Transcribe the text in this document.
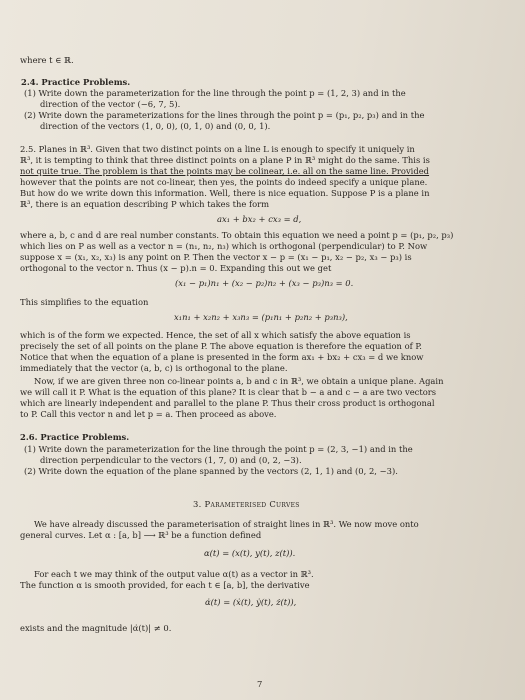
where t ∈ ℝ.
2.4. Practice Problems.
(1) Write down the parameterization for the line through the point p = (1, 2, 3) and in the
direction of the vector (−6, 7, 5).
(2) Write down the parameterizations for the lines through the point p = (p₁, p₂, p₃) and in the
direction of the vectors (1, 0, 0), (0, 1, 0) and (0, 0, 1).
2.5. Planes in ℝ³. Given that two distinct points on a line L is enough to specify it uniquely in
ℝ³, it is tempting to think that three distinct points on a plane P in ℝ³ might do the same. This is
not quite true. The problem is that the points may be colinear, i.e. all on the same line. Provided
however that the points are not co-linear, then yes, the points do indeed specify a unique plane.
But how do we write down this information. Well, there is nice equation. Suppose P is a plane in
ℝ³, there is an equation describing P which takes the form
ax₁ + bx₂ + cx₃ = d,
where a, b, c and d are real number constants. To obtain this equation we need a point p = (p₁, p₂, p₃)
which lies on P as well as a vector n = (n₁, n₂, n₃) which is orthogonal (perpendicular) to P. Now
suppose x = (x₁, x₂, x₃) is any point on P. Then the vector x − p = (x₁ − p₁, x₂ − p₂, x₃ − p₃) is
orthogonal to the vector n. Thus (x − p).n = 0. Expanding this out we get
(x₁ − p₁)n₁ + (x₂ − p₂)n₂ + (x₃ − p₃)n₃ = 0.
This simplifies to the equation
x₁n₁ + x₂n₂ + x₃n₃ = (p₁n₁ + p₂n₂ + p₃n₃),
which is of the form we expected. Hence, the set of all x which satisfy the above equation is
precisely the set of all points on the plane P. The above equation is therefore the equation of P.
Notice that when the equation of a plane is presented in the form ax₁ + bx₂ + cx₃ = d we know
immediately that the vector (a, b, c) is orthogonal to the plane.
Now, if we are given three non co-linear points a, b and c in ℝ³, we obtain a unique plane. Again
we will call it P. What is the equation of this plane? It is clear that b − a and c − a are two vectors
which are linearly independent and parallel to the plane P. Thus their cross product is orthogonal
to P. Call this vector n and let p = a. Then proceed as above.
2.6. Practice Problems.
(1) Write down the parameterization for the line through the point p = (2, 3, −1) and in the
direction perpendicular to the vectors (1, 7, 0) and (0, 2, −3).
(2) Write down the equation of the plane spanned by the vectors (2, 1, 1) and (0, 2, −3).
3. Parameterised Curves
We have already discussed the parameterisation of straight lines in ℝ³. We now move onto
general curves. Let α : [a, b] ⟶ ℝ³ be a function defined
α(t) = (x(t), y(t), z(t)).
For each t we may think of the output value α(t) as a vector in ℝ³.
The function α is smooth provided, for each t ∈ [a, b], the derivative
α̇(t) = (ẋ(t), ẏ(t), ż(t)),
exists and the magnitude |α̇(t)| ≠ 0.
7
